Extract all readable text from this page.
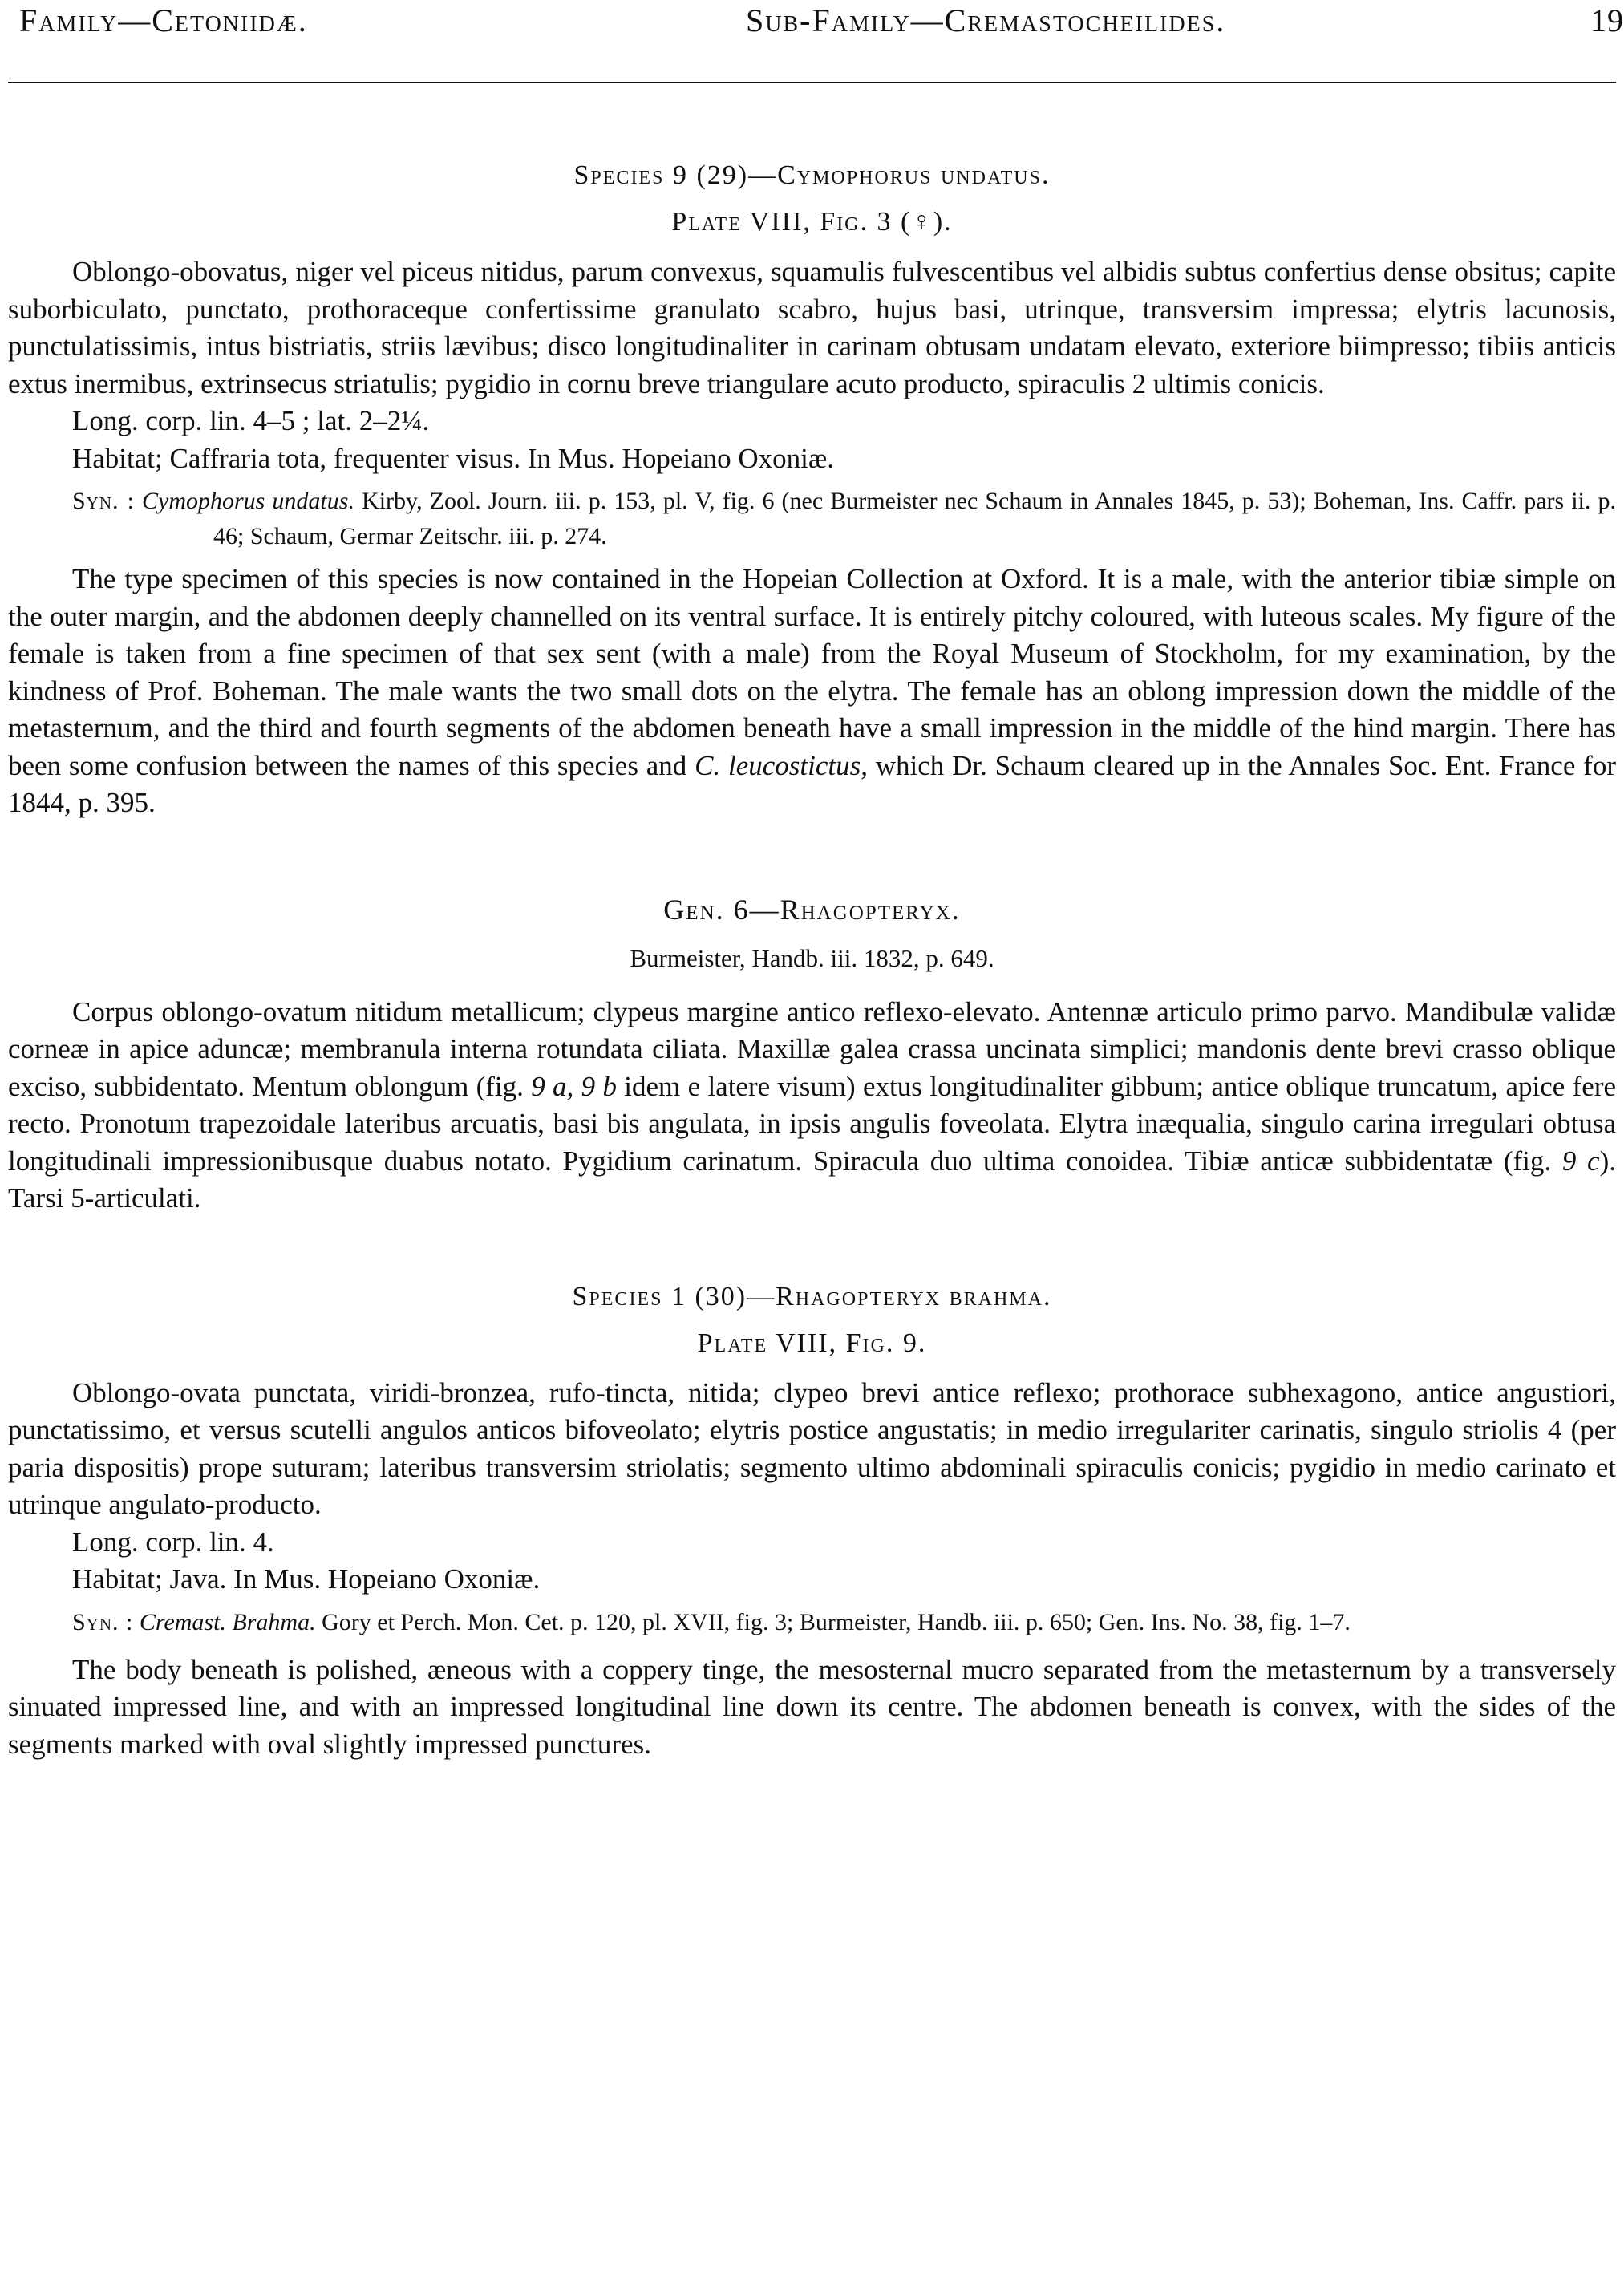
Family—Cetoniidæ.	Sub-Family—Cremastocheilides.	19
Species 9 (29)—Cymophorus undatus.
Plate VIII, Fig. 3 (♀).

Oblongo-obovatus, niger vel piceus nitidus, parum convexus, squamulis fulvescentibus vel albidis subtus confertius dense obsitus; capite suborbiculato, punctato, prothoraceque confertissime granulato scabro, hujus basi, utrinque, transversim impressa; elytris lacunosis, punctulatissimis, intus bistriatis, striis lævibus; disco longitudinaliter in carinam obtusam undatam elevato, exteriore biimpresso; tibiis anticis extus inermibus, extrinsecus striatulis; pygidio in cornu breve triangulare acuto producto, spiraculis 2 ultimis conicis.

Long. corp. lin. 4–5 ; lat. 2–2¼.

Habitat; Caffraria tota, frequenter visus. In Mus. Hopeiano Oxoniæ.

Syn. : Cymophorus undatus. Kirby, Zool. Journ. iii. p. 153, pl. V, fig. 6 (nec Burmeister nec Schaum in Annales 1845, p. 53); Boheman, Ins. Caffr. pars ii. p. 46; Schaum, Germar Zeitschr. iii. p. 274.

The type specimen of this species is now contained in the Hopeian Collection at Oxford. It is a male, with the anterior tibiæ simple on the outer margin, and the abdomen deeply channelled on its ventral surface. It is entirely pitchy coloured, with luteous scales. My figure of the female is taken from a fine specimen of that sex sent (with a male) from the Royal Museum of Stockholm, for my examination, by the kindness of Prof. Boheman. The male wants the two small dots on the elytra. The female has an oblong impression down the middle of the metasternum, and the third and fourth segments of the abdomen beneath have a small impression in the middle of the hind margin. There has been some confusion between the names of this species and C. leucostictus, which Dr. Schaum cleared up in the Annales Soc. Ent. France for 1844, p. 395.

Gen. 6—Rhagopteryx.
Burmeister, Handb. iii. 1832, p. 649.

Corpus oblongo-ovatum nitidum metallicum; clypeus margine antico reflexo-elevato. Antennæ articulo primo parvo. Mandibulæ validæ corneæ in apice aduncæ; membranula interna rotundata ciliata. Maxillæ galea crassa uncinata simplici; mandonis dente brevi crasso oblique exciso, subbidentato. Mentum oblongum (fig. 9 a, 9 b idem e latere visum) extus longitudinaliter gibbum; antice oblique truncatum, apice fere recto. Pronotum trapezoidale lateribus arcuatis, basi bis angulata, in ipsis angulis foveolata. Elytra inæqualia, singulo carina irregulari obtusa longitudinali impressionibusque duabus notato. Pygidium carinatum. Spiracula duo ultima conoidea. Tibiæ anticæ subbidentatæ (fig. 9 c). Tarsi 5-articulati.

Species 1 (30)—Rhagopteryx brahma.
Plate VIII, Fig. 9.

Oblongo-ovata punctata, viridi-bronzea, rufo-tincta, nitida; clypeo brevi antice reflexo; prothorace subhexagono, antice angustiori, punctatissimo, et versus scutelli angulos anticos bifoveolato; elytris postice angustatis; in medio irregulariter carinatis, singulo striolis 4 (per paria dispositis) prope suturam; lateribus transversim striolatis; segmento ultimo abdominali spiraculis conicis; pygidio in medio carinato et utrinque angulato-producto.

Long. corp. lin. 4.

Habitat; Java. In Mus. Hopeiano Oxoniæ.

Syn. : Cremast. Brahma. Gory et Perch. Mon. Cet. p. 120, pl. XVII, fig. 3; Burmeister, Handb. iii. p. 650; Gen. Ins. No. 38, fig. 1–7.

The body beneath is polished, æneous with a coppery tinge, the mesosternal mucro separated from the metasternum by a transversely sinuated impressed line, and with an impressed longitudinal line down its centre. The abdomen beneath is convex, with the sides of the segments marked with oval slightly impressed punctures.
